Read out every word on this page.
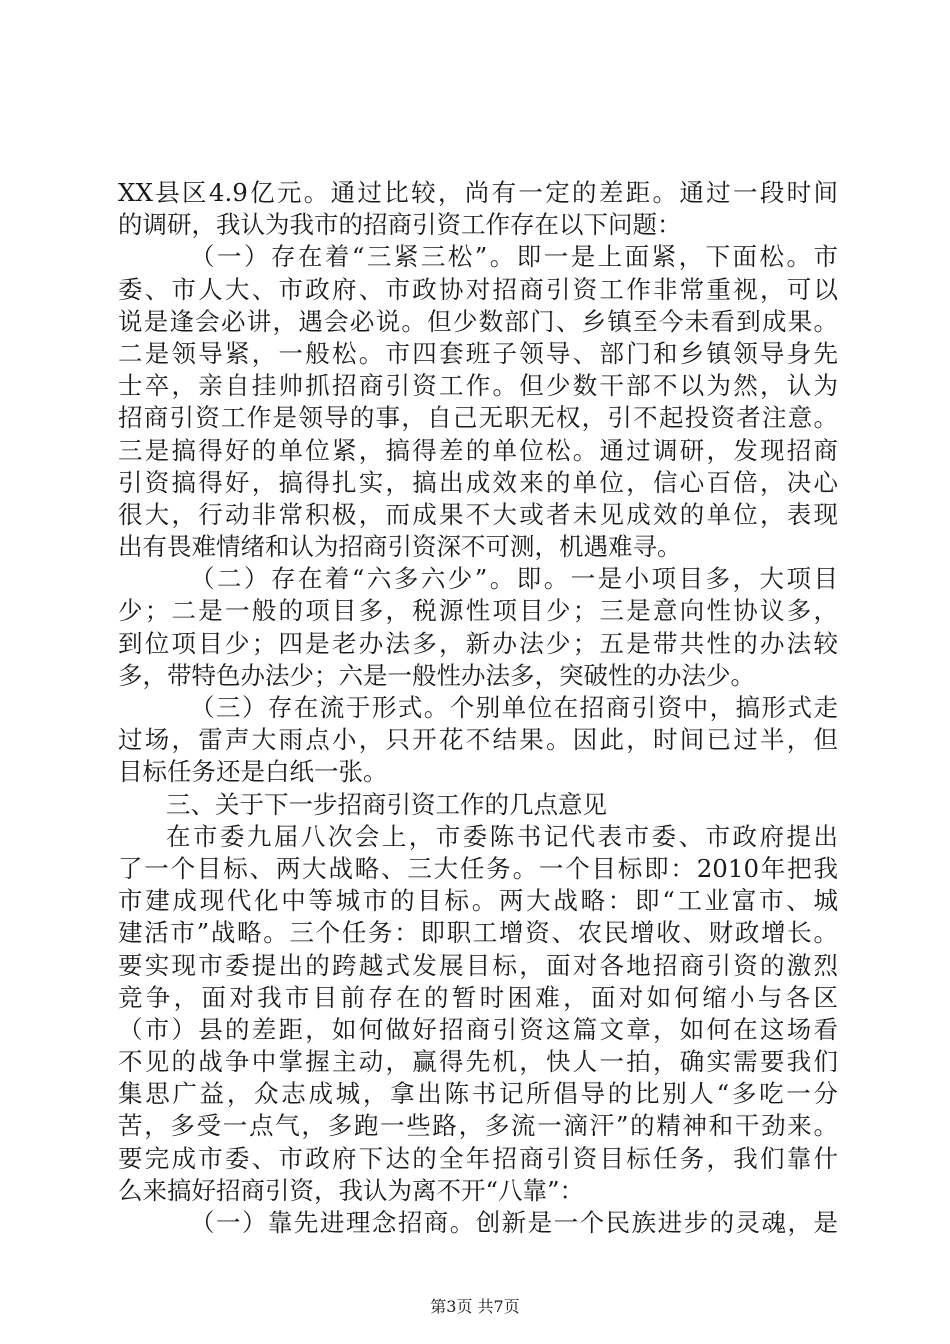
XX县区4.9亿元。通过比较，尚有一定的差距。通过一段时间
的调研，我认为我市的招商引资工作存在以下问题：
（一）存在着“三紧三松”。即一是上面紧，下面松。市
委、市人大、市政府、市政协对招商引资工作非常重视，可以
说是逢会必讲，遇会必说。但少数部门、乡镇至今未看到成果。
二是领导紧，一般松。市四套班子领导、部门和乡镇领导身先
士卒，亲自挂帅抓招商引资工作。但少数干部不以为然，认为
招商引资工作是领导的事，自己无职无权，引不起投资者注意。
三是搞得好的单位紧，搞得差的单位松。通过调研，发现招商
引资搞得好，搞得扎实，搞出成效来的单位，信心百倍，决心
很大，行动非常积极，而成果不大或者未见成效的单位，表现
出有畏难情绪和认为招商引资深不可测，机遇难寻。
（二）存在着“六多六少”。即。一是小项目多，大项目
少；二是一般的项目多，税源性项目少；三是意向性协议多，
到位项目少；四是老办法多，新办法少；五是带共性的办法较
多，带特色办法少；六是一般性办法多，突破性的办法少。
（三）存在流于形式。个别单位在招商引资中，搞形式走
过场，雷声大雨点小，只开花不结果。因此，时间已过半，但
目标任务还是白纸一张。
三、关于下一步招商引资工作的几点意见
在市委九届八次会上，市委陈书记代表市委、市政府提出
了一个目标、两大战略、三大任务。一个目标即：2010年把我
市建成现代化中等城市的目标。两大战略：即“工业富市、城
建活市”战略。三个任务：即职工增资、农民增收、财政增长。
要实现市委提出的跨越式发展目标，面对各地招商引资的激烈
竞争，面对我市目前存在的暂时困难，面对如何缩小与各区
（市）县的差距，如何做好招商引资这篇文章，如何在这场看
不见的战争中掌握主动，赢得先机，快人一拍，确实需要我们
集思广益，众志成城，拿出陈书记所倡导的比别人“多吃一分
苦，多受一点气，多跑一些路，多流一滴汗”的精神和干劲来。
要完成市委、市政府下达的全年招商引资目标任务，我们靠什
么来搞好招商引资，我认为离不开“八靠”：
（一）靠先进理念招商。创新是一个民族进步的灵魂，是
第3页 共7页
